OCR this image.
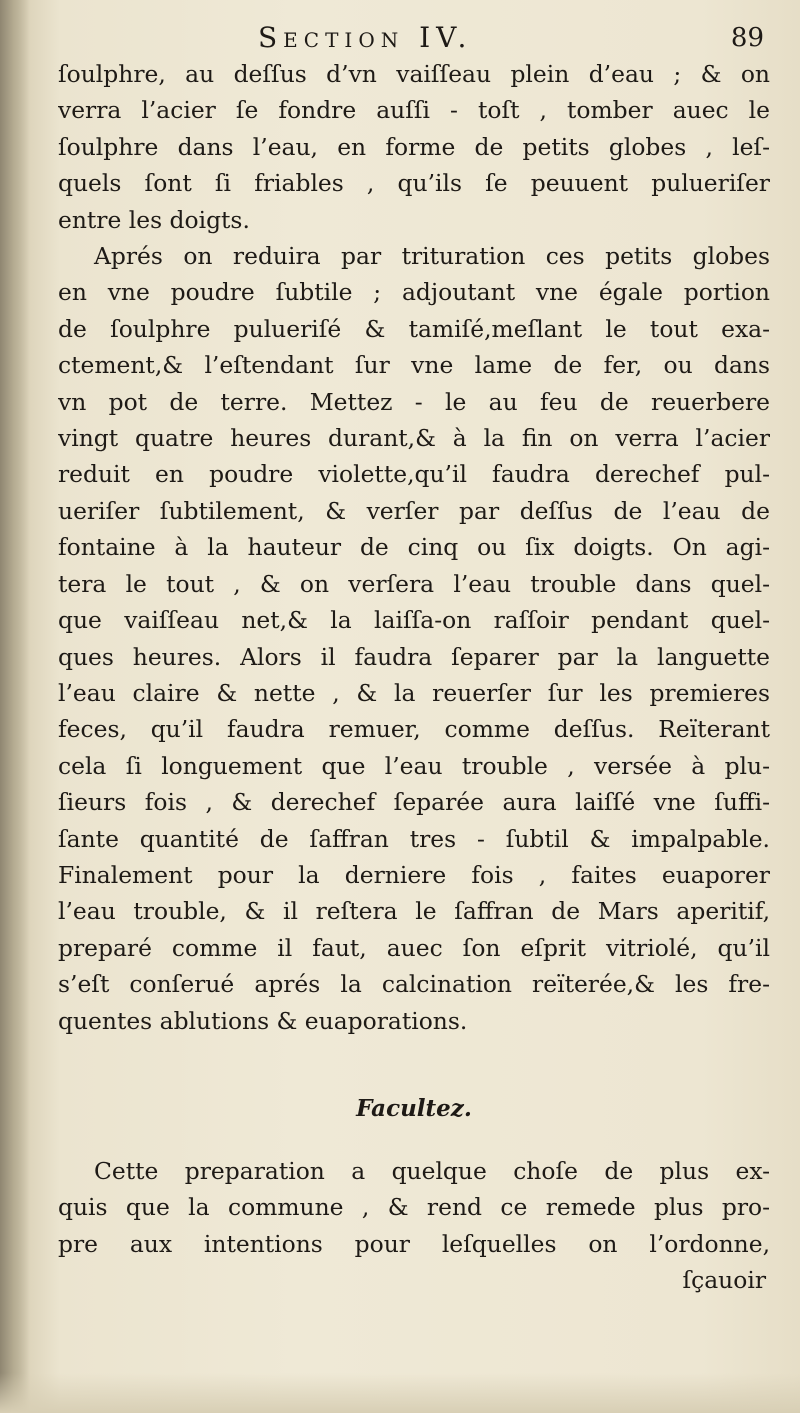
Section IV.	89

ſoulphre, au deſſus d’vn vaiſſeau plein d’eau ; & on
verra l’acier ſe fondre auſſi - toſt , tomber auec le
ſoulphre dans l’eau, en forme de petits globes , leſ-
quels ſont ſi friables , qu’ils ſe peuuent pulueriſer
entre les doigts.

Aprés on reduira par trituration ces petits globes
en vne poudre ſubtile ; adjoutant vne égale portion
de ſoulphre pulueriſé & tamiſé,meſlant le tout exa-
ctement,& l’eſtendant ſur vne lame de fer, ou dans
vn pot de terre. Mettez - le au feu de reuerbere
vingt quatre heures durant,& à la fin on verra l’acier
reduit en poudre violette,qu’il faudra derechef pul-
ueriſer ſubtilement, & verſer par deſſus de l’eau de
fontaine à la hauteur de cinq ou ſix doigts. On agi-
tera le tout , & on verſera l’eau trouble dans quel-
que vaiſſeau net,& la laiſſa-on raſſoir pendant quel-
ques heures. Alors il faudra ſeparer par la languette
l’eau claire & nette , & la reuerſer ſur les premieres
feces, qu’il faudra remuer, comme deſſus. Reïterant
cela ſi longuement que l’eau trouble , versée à plu-
ſieurs fois , & derechef ſeparée aura laiſſé vne ſuffi-
ſante quantité de ſaffran tres - ſubtil & impalpable.
Finalement pour la derniere fois , faites euaporer
l’eau trouble, & il reſtera le ſaffran de Mars aperitif,
preparé comme il faut, auec ſon eſprit vitriolé, qu’il
s’eſt conſerué aprés la calcination reïterée,& les fre-
quentes ablutions & euaporations.

Facultez.

Cette preparation a quelque choſe de plus ex-
quis que la commune , & rend ce remede plus pro-
pre aux intentions pour leſquelles on l’ordonne,

ſçauoir
